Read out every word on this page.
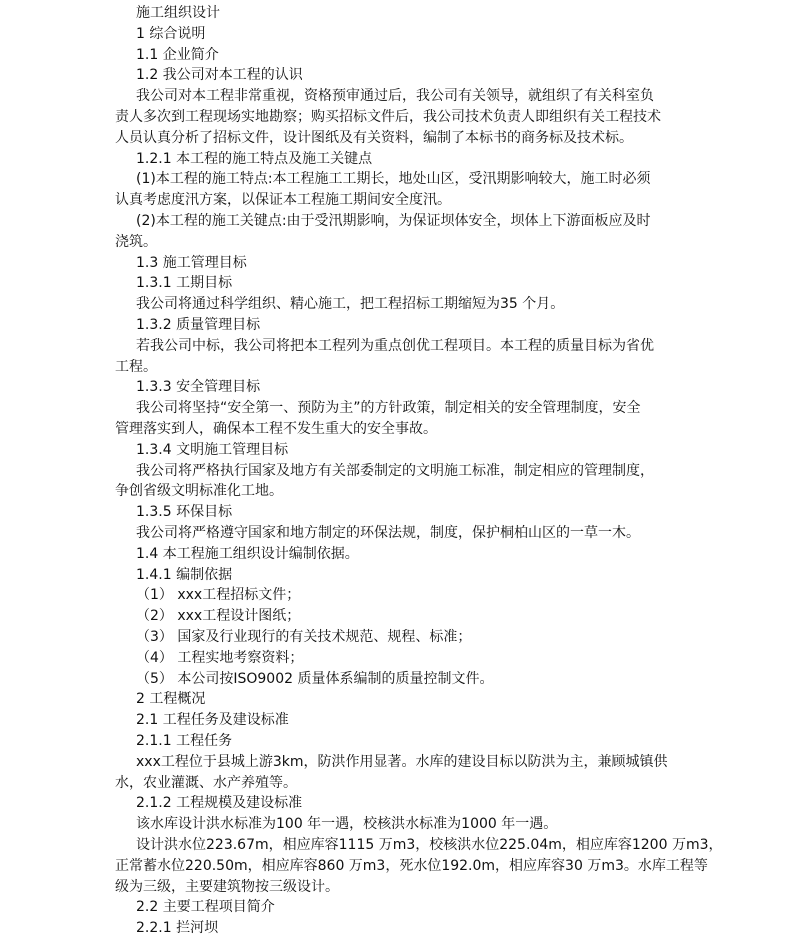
施工组织设计
1 综合说明
1.1 企业简介
1.2 我公司对本工程的认识
我公司对本工程非常重视，资格预审通过后，我公司有关领导，就组织了有关科室负
责人多次到工程现场实地勘察；购买招标文件后，我公司技术负责人即组织有关工程技术
人员认真分析了招标文件，设计图纸及有关资料，编制了本标书的商务标及技术标。
1.2.1 本工程的施工特点及施工关键点
(1)本工程的施工特点:本工程施工工期长，地处山区，受汛期影响较大，施工时必须
认真考虑度汛方案，以保证本工程施工期间安全度汛。
(2)本工程的施工关键点:由于受汛期影响，为保证坝体安全，坝体上下游面板应及时
浇筑。
1.3 施工管理目标
1.3.1 工期目标
我公司将通过科学组织、精心施工，把工程招标工期缩短为35 个月。
1.3.2 质量管理目标
若我公司中标，我公司将把本工程列为重点创优工程项目。本工程的质量目标为省优
工程。
1.3.3 安全管理目标
我公司将坚持“安全第一、预防为主”的方针政策，制定相关的安全管理制度，安全
管理落实到人，确保本工程不发生重大的安全事故。
1.3.4 文明施工管理目标
我公司将严格执行国家及地方有关部委制定的文明施工标准，制定相应的管理制度，
争创省级文明标准化工地。
1.3.5 环保目标
我公司将严格遵守国家和地方制定的环保法规，制度，保护桐柏山区的一草一木。
1.4 本工程施工组织设计编制依据。
1.4.1 编制依据
（1） xxx工程招标文件；
（2） xxx工程设计图纸；
（3） 国家及行业现行的有关技术规范、规程、标准；
（4） 工程实地考察资料；
（5） 本公司按ISO9002 质量体系编制的质量控制文件。
2 工程概况
2.1 工程任务及建设标准
2.1.1 工程任务
xxx工程位于县城上游3km，防洪作用显著。水库的建设目标以防洪为主，兼顾城镇供
水，农业灌溉、水产养殖等。
2.1.2 工程规模及建设标准
该水库设计洪水标准为100 年一遇，校核洪水标准为1000 年一遇。
设计洪水位223.67m，相应库容1115 万m3，校核洪水位225.04m，相应库容1200 万m3，
正常蓄水位220.50m，相应库容860 万m3，死水位192.0m，相应库容30 万m3。水库工程等
级为三级，主要建筑物按三级设计。
2.2 主要工程项目简介
2.2.1 拦河坝
